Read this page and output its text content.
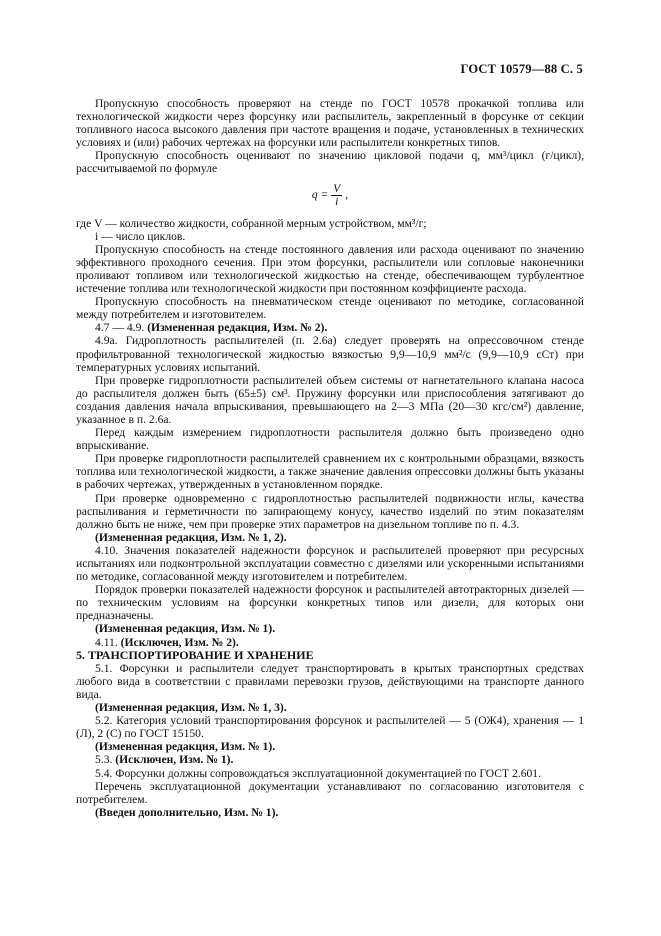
ГОСТ 10579—88 С. 5

Пропускную способность проверяют на стенде по ГОСТ 10578 прокачкой топлива или технологической жидкости через форсунку или распылитель, закрепленный в форсунке от секции топливного насоса высокого давления при частоте вращения и подаче, установленных в технических условиях и (или) рабочих чертежах на форсунки или распылители конкретных типов.

Пропускную способность оценивают по значению цикловой подачи q, мм³/цикл (г/цикл), рассчитываемой по формуле

$q = \frac{V}{i}$ ,

где V — количество жидкости, собранной мерным устройством, мм³/г;

i — число циклов.

Пропускную способность на стенде постоянного давления или расхода оценивают по значению эффективного проходного сечения. При этом форсунки, распылители или сопловые наконечники проливают топливом или технологической жидкостью на стенде, обеспечивающем турбулентное истечение топлива или технологической жидкости при постоянном коэффициенте расхода.

Пропускную способность на пневматическом стенде оценивают по методике, согласованной между потребителем и изготовителем.

4.7 — 4.9. (Измененная редакция, Изм. № 2).

4.9а. Гидроплотность распылителей (п. 2.6а) следует проверять на опрессовочном стенде профильтрованной технологической жидкостью вязкостью 9,9—10,9 мм²/с (9,9—10,9 сСт) при температурных условиях испытаний.

При проверке гидроплотности распылителей объем системы от нагнетательного клапана насоса до распылителя должен быть (65±5) см³. Пружину форсунки или приспособления затягивают до создания давления начала впрыскивания, превышающего на 2—3 МПа (20—30 кгс/см²) давление, указанное в п. 2.6а.

Перед каждым измерением гидроплотности распылителя должно быть произведено одно впрыскивание.

При проверке гидроплотности распылителей сравнением их с контрольными образцами, вязкость топлива или технологической жидкости, а также значение давления опрессовки должны быть указаны в рабочих чертежах, утвержденных в установленном порядке.

При проверке одновременно с гидроплотностью распылителей подвижности иглы, качества распыливания и герметичности по запирающему конусу, качество изделий по этим показателям должно быть не ниже, чем при проверке этих параметров на дизельном топливе по п. 4.3.

(Измененная редакция, Изм. № 1, 2).

4.10. Значения показателей надежности форсунок и распылителей проверяют при ресурсных испытаниях или подконтрольной эксплуатации совместно с дизелями или ускоренными испытаниями по методике, согласованной между изготовителем и потребителем.

Порядок проверки показателей надежности форсунок и распылителей автотракторных дизелей — по техническим условиям на форсунки конкретных типов или дизели, для которых они предназначены.

(Измененная редакция, Изм. № 1).

4.11. (Исключен, Изм. № 2).

5. ТРАНСПОРТИРОВАНИЕ И ХРАНЕНИЕ

5.1. Форсунки и распылители следует транспортировать в крытых транспортных средствах любого вида в соответствии с правилами перевозки грузов, действующими на транспорте данного вида.

(Измененная редакция, Изм. № 1, 3).

5.2. Категория условий транспортирования форсунок и распылителей — 5 (ОЖ4), хранения — 1 (Л), 2 (С) по ГОСТ 15150.

(Измененная редакция, Изм. № 1).

5.3. (Исключен, Изм. № 1).

5.4. Форсунки должны сопровождаться эксплуатационной документацией по ГОСТ 2.601.

Перечень эксплуатационной документации устанавливают по согласованию изготовителя с потребителем.

(Введен дополнительно, Изм. № 1).
